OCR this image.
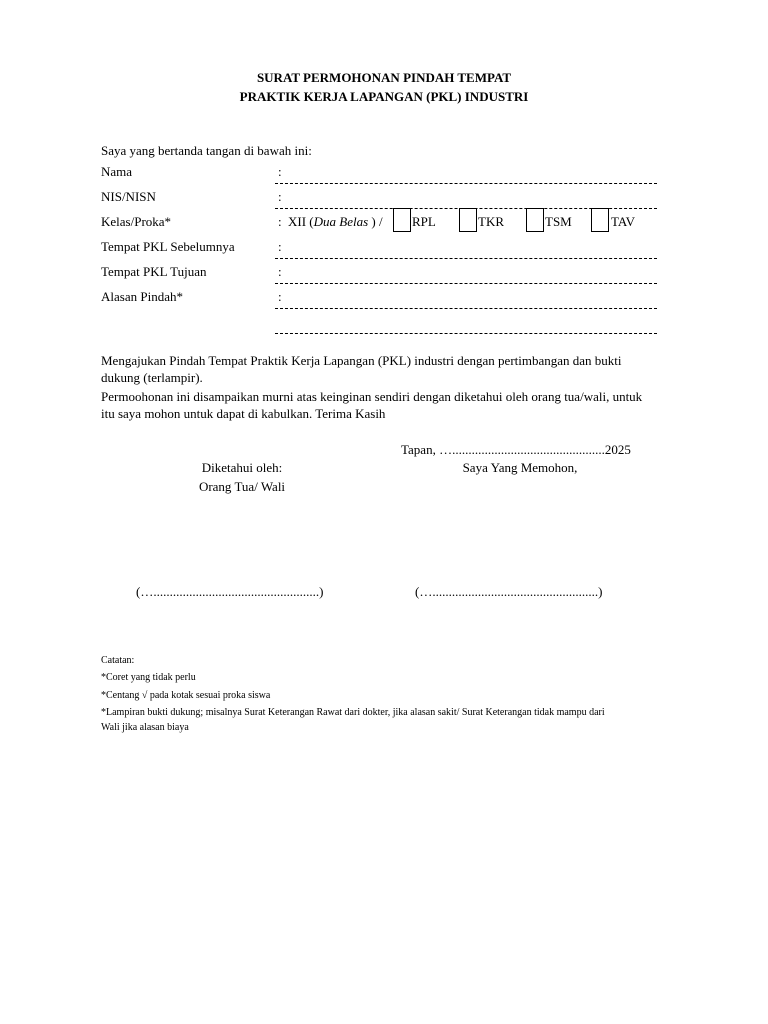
SURAT PERMOHONAN PINDAH TEMPAT
PRAKTIK KERJA LAPANGAN (PKL) INDUSTRI
Saya yang bertanda tangan di bawah ini:
Nama	:
NIS/NISN	:
Kelas/Proka*	: XII (Dua Belas ) / RPL	TKR	TSM	TAV
Tempat PKL Sebelumnya	:
Tempat PKL Tujuan	:
Alasan Pindah*	:
Mengajukan Pindah Tempat Praktik Kerja Lapangan (PKL) industri dengan pertimbangan dan bukti
dukung (terlampir).
Permoohonan ini disampaikan murni atas keinginan sendiri dengan diketahui oleh orang tua/wali, untuk
itu saya mohon untuk dapat di kabulkan. Terima Kasih
Tapan, …...............................................2025
Diketahui oleh:
Orang Tua/ Wali
Saya Yang Memohon,
(…...................................................)	(…...................................................)
Catatan:
*Coret yang tidak perlu
*Centang √ pada kotak sesuai proka siswa
*Lampiran bukti dukung; misalnya Surat Keterangan Rawat dari dokter, jika alasan sakit/ Surat Keterangan tidak mampu dari
Wali jika alasan biaya
